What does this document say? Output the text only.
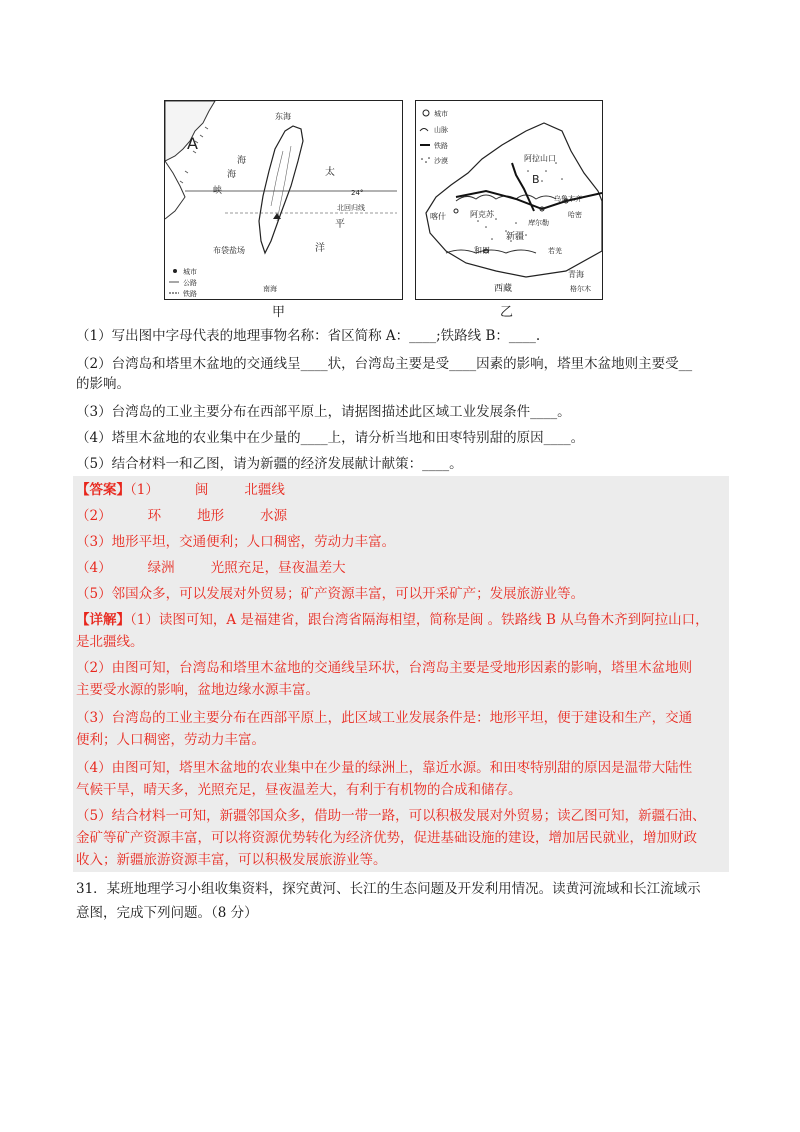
24°
北回归线
A
东海
太
平
洋
海
峡
海
布袋盐场
南海
城市
公路
铁路
城市
山脉
铁路
沙漠	阿拉山口
B
乌鲁木齐
哈密
喀什	阿克苏
库尔勒
和田
新疆
若羌
西藏
青海
格尔木
甲	乙
（1）写出图中字母代表的地理事物名称：省区简称 A：____;铁路线 B：____.
（2）台湾岛和塔里木盆地的交通线呈____状，台湾岛主要是受____因素的影响，塔里木盆地则主要受__
的影响。
（3）台湾岛的工业主要分布在西部平原上，请据图描述此区域工业发展条件____。
（4）塔里木盆地的农业集中在少量的____上，请分析当地和田枣特别甜的原因____。
（5）结合材料一和乙图，请为新疆的经济发展献计献策：____。
【答案】（1）	闽	北疆线
（2）	环	地形	水源
（3）地形平坦，交通便利；人口稠密，劳动力丰富。
（4）	绿洲	光照充足，昼夜温差大
（5）邻国众多，可以发展对外贸易；矿产资源丰富，可以开采矿产；发展旅游业等。
【详解】（1）读图可知，A 是福建省，跟台湾省隔海相望，简称是闽 。铁路线 B 从乌鲁木齐到阿拉山口，
是北疆线。
（2）由图可知，台湾岛和塔里木盆地的交通线呈环状，台湾岛主要是受地形因素的影响，塔里木盆地则
主要受水源的影响，盆地边缘水源丰富。
（3）台湾岛的工业主要分布在西部平原上，此区域工业发展条件是：地形平坦，便于建设和生产，交通
便利；人口稠密，劳动力丰富。
（4）由图可知，塔里木盆地的农业集中在少量的绿洲上，靠近水源。和田枣特别甜的原因是温带大陆性
气候干旱，晴天多，光照充足，昼夜温差大，有利于有机物的合成和储存。
（5）结合材料一可知，新疆邻国众多，借助一带一路，可以积极发展对外贸易；读乙图可知，新疆石油、
金矿等矿产资源丰富，可以将资源优势转化为经济优势，促进基础设施的建设，增加居民就业，增加财政
收入；新疆旅游资源丰富，可以积极发展旅游业等。
31．某班地理学习小组收集资料，探究黄河、长江的生态问题及开发利用情况。读黄河流域和长江流域示
意图，完成下列问题。（8 分）
